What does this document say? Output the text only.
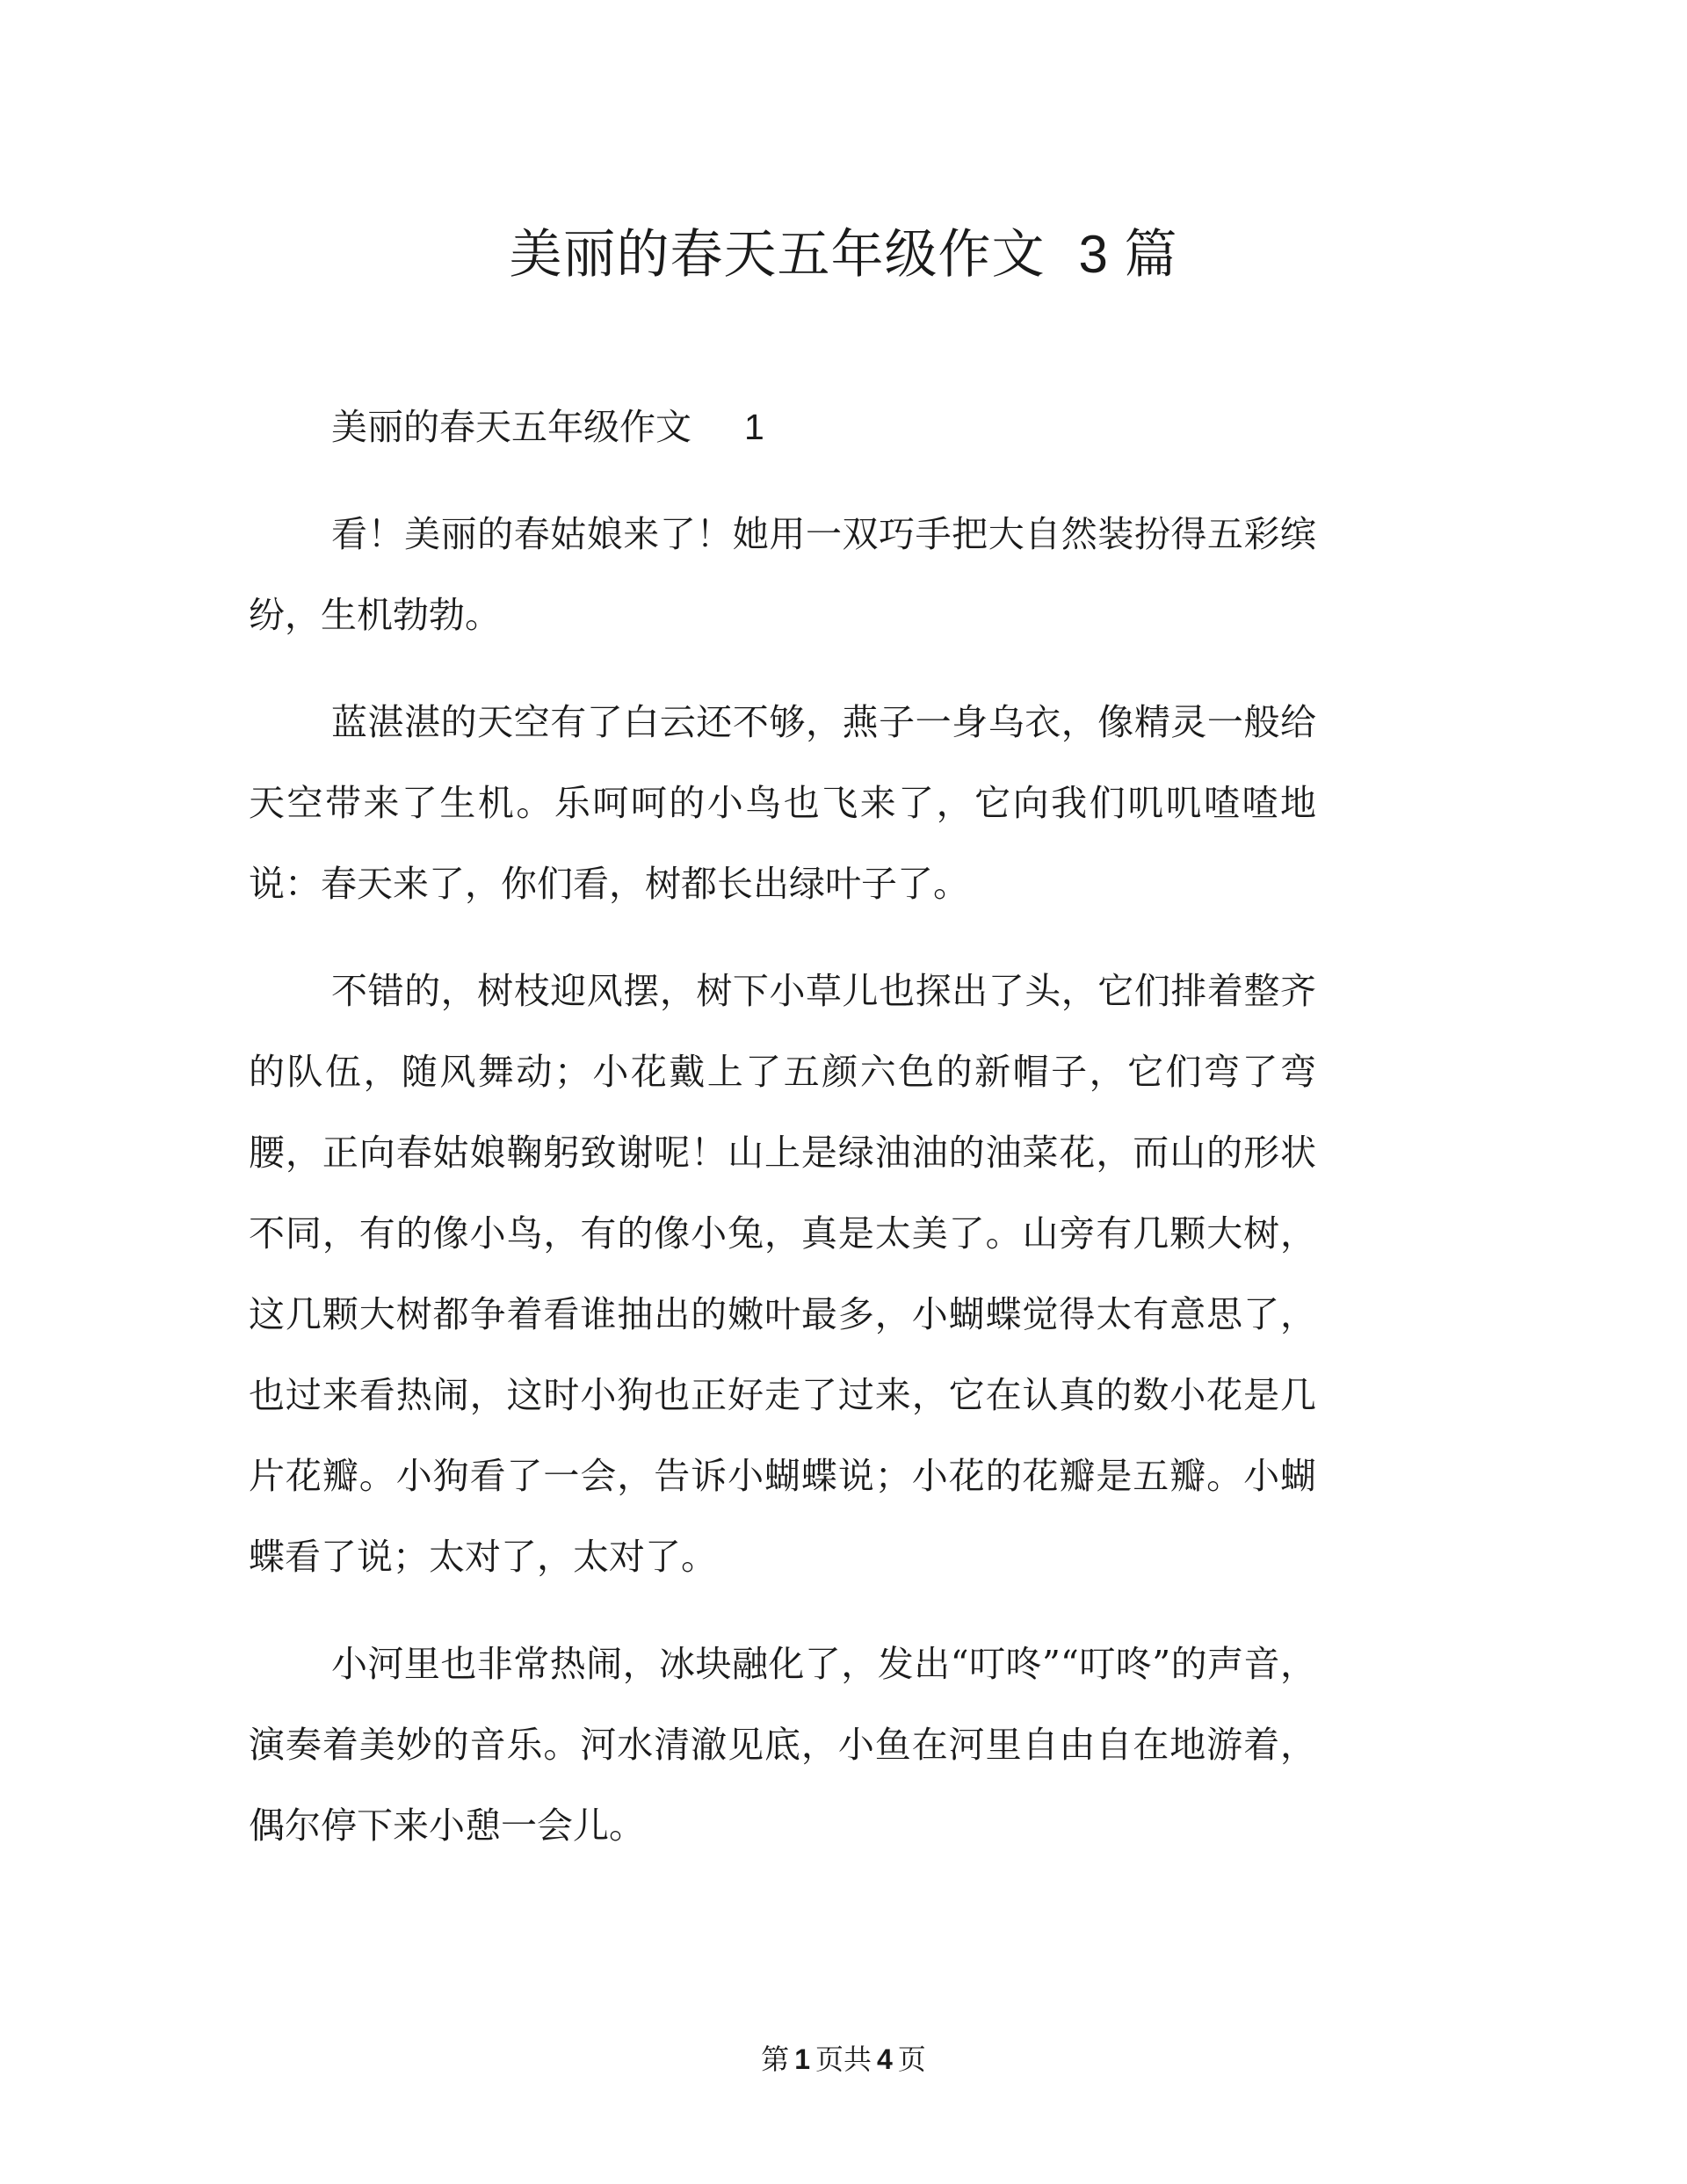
美丽的春天五年级作文 3 篇

美丽的春天五年级作文 1

看！美丽的春姑娘来了！她用一双巧手把大自然装扮得五彩缤纷，生机勃勃。

蓝湛湛的天空有了白云还不够，燕子一身乌衣，像精灵一般给天空带来了生机。乐呵呵的小鸟也飞来了，它向我们叽叽喳喳地说：春天来了，你们看，树都长出绿叶子了。

不错的，树枝迎风摆，树下小草儿也探出了头，它们排着整齐的队伍，随风舞动；小花戴上了五颜六色的新帽子，它们弯了弯腰，正向春姑娘鞠躬致谢呢！山上是绿油油的油菜花，而山的形状不同，有的像小鸟，有的像小兔，真是太美了。山旁有几颗大树，这几颗大树都争着看谁抽出的嫩叶最多，小蝴蝶觉得太有意思了，也过来看热闹，这时小狗也正好走了过来，它在认真的数小花是几片花瓣。小狗看了一会，告诉小蝴蝶说；小花的花瓣是五瓣。小蝴蝶看了说；太对了，太对了。

小河里也非常热闹，冰块融化了，发出“叮咚”“叮咚”的声音，演奏着美妙的音乐。河水清澈见底，小鱼在河里自由自在地游着，偶尔停下来小憩一会儿。

第 1 页共 4 页
